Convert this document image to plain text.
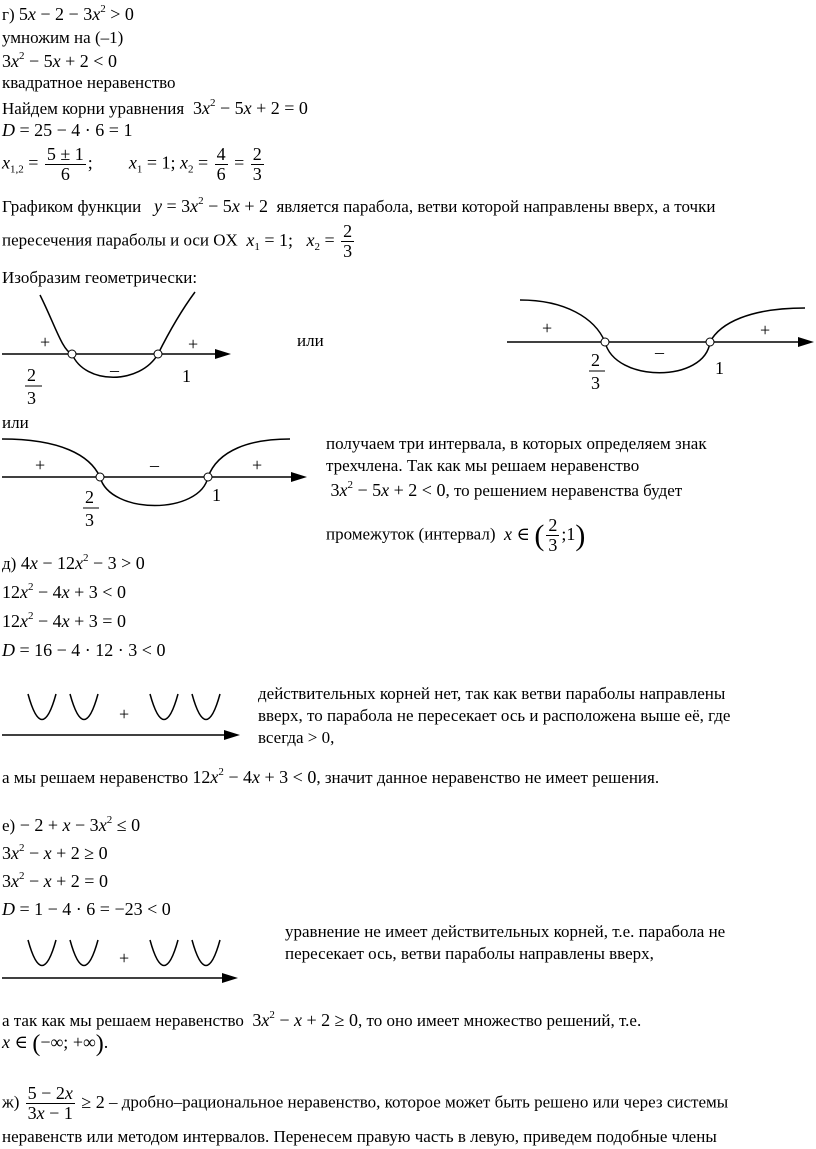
г) $5x - 2 - 3x^2 > 0$
умножим на (–1)
$3x^2 - 5x + 2 < 0$
квадратное неравенство
Найдем корни уравнения  $3x^2 - 5x + 2 = 0$
D = 25 − 4 · 6 = 1
$x_{1,2} = \frac{5 \pm 1}{6}$ ;        $x_1 = 1$; $x_2 = \frac{4}{6} = \frac{2}{3}$
Графиком функции $y = 3x^2 - 5x + 2$ является парабола, ветви которой направлены вверх, а точки
пересечения параболы и оси OX $x_1 = 1$;   $x_2 = \frac{2}{3}$
Изобразим геометрически:
+
–
+
2
3
1
или
+
–
+
2
3
1
или
+	–	+
2
3
1
получаем три интервала, в которых определяем знак
трехчлена. Так как мы решаем неравенство
$3x^2 - 5x + 2 < 0$, то решением неравенства будет
промежуток (интервал) x ∈ ( $\frac{2}{3}$ ;1)
д) $4x - 12x^2 - 3 > 0$
$12x^2 - 4x + 3 < 0$
$12x^2 - 4x + 3 = 0$
D = 16 − 4 · 12 · 3 < 0
+
действительных корней нет, так как ветви параболы направлены
вверх, то парабола не пересекает ось и расположена выше её, где
всегда > 0,
а мы решаем неравенство $12x^2 - 4x + 3 < 0$, значит данное неравенство не имеет решения.
$е) - 2 + x - 3x^2 \le 0$
$3x^2 - x + 2 \ge 0$
$3x^2 - x + 2 = 0$
D = 1 − 4 · 6 = −23 < 0
+
уравнение не имеет действительных корней, т.е. парабола не
пересекает ось, ветви параболы направлены вверх,
а так как мы решаем неравенство $3x^2 - x + 2 \ge 0$, то оно имеет множество решений, т.е.
x ∈ (−∞; +∞).
$ж) \frac{5 - 2x}{3x - 1} \ge 2$ – дробно–рациональное неравенство, которое может быть решено или через системы
неравенств или методом интервалов. Перенесем правую часть в левую, приведем подобные члены
